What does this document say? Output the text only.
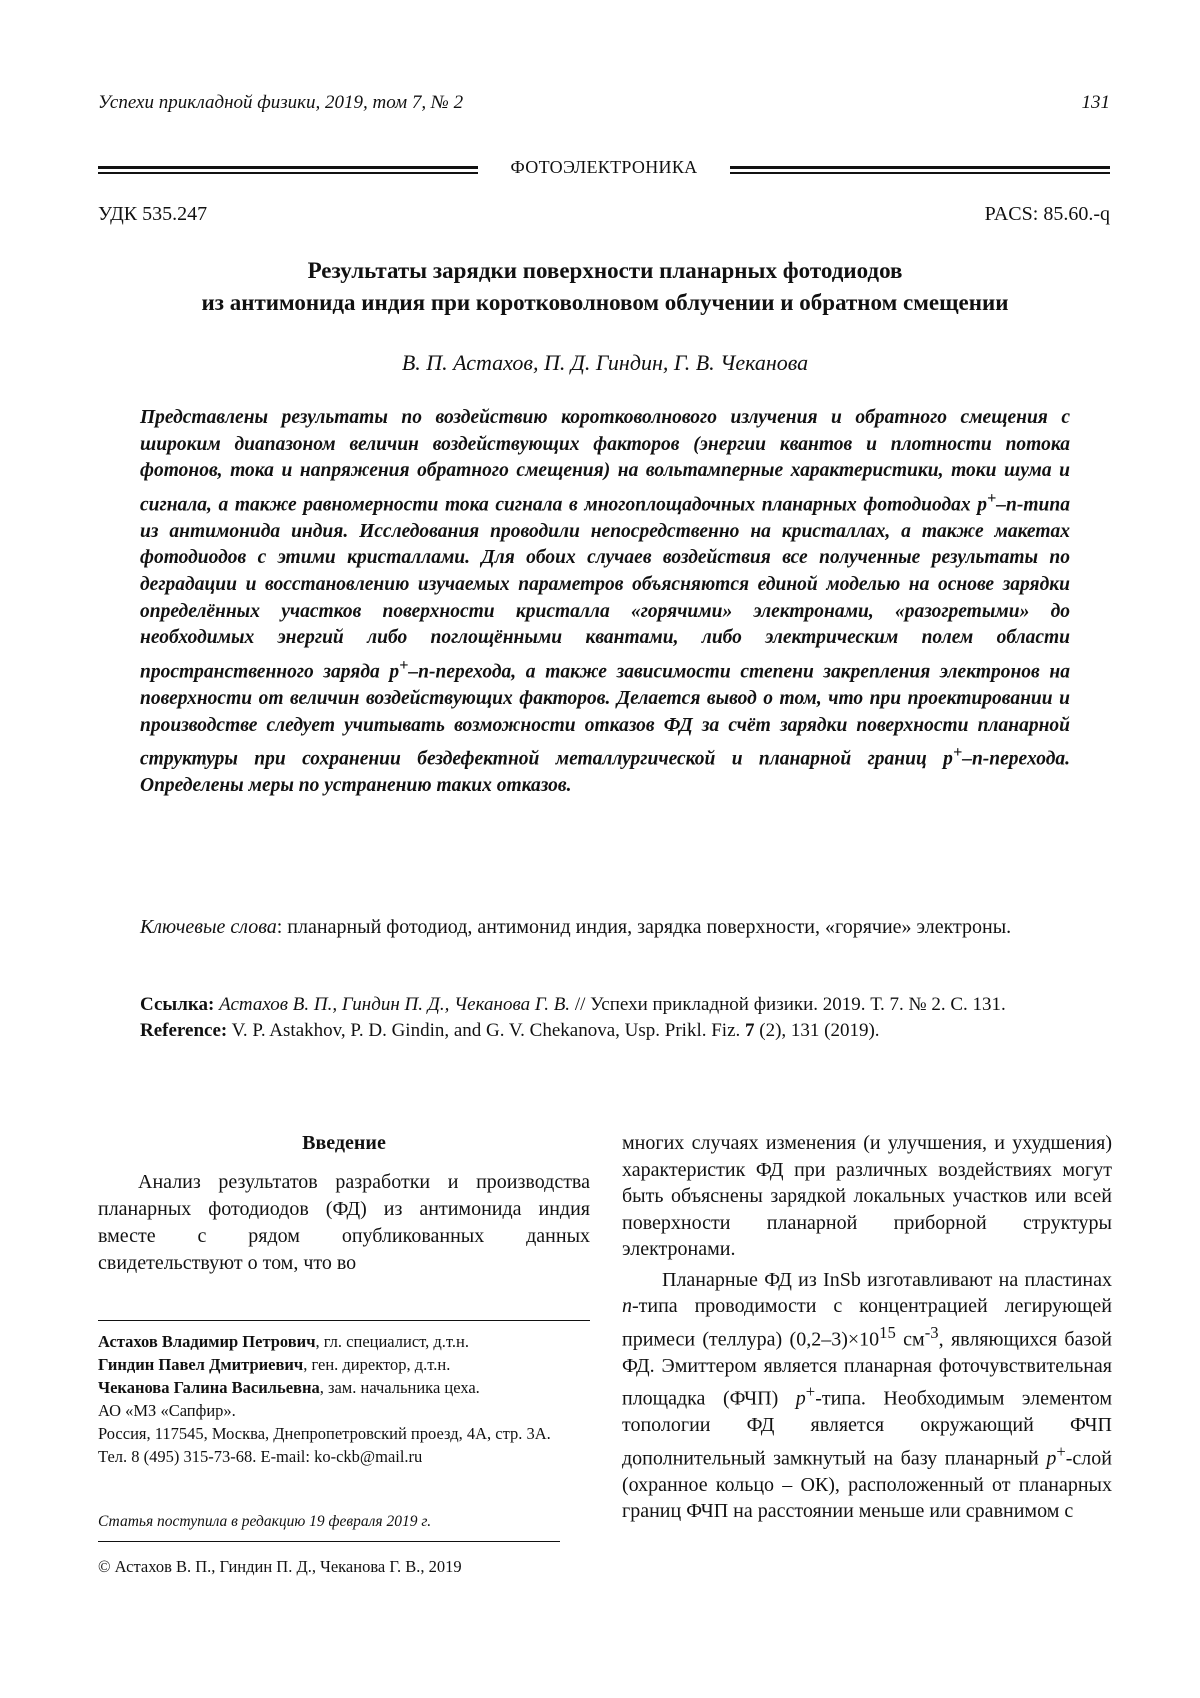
Успехи прикладной физики, 2019, том 7, № 2	131
ФОТОЭЛЕКТРОНИКА
УДК 535.247	PACS: 85.60.-q
Результаты зарядки поверхности планарных фотодиодов
из антимонида индия при коротковолновом облучении и обратном смещении
В. П. Астахов, П. Д. Гиндин, Г. В. Чеканова
Представлены результаты по воздействию коротковолнового излучения и обратного смещения с широким диапазоном величин воздействующих факторов (энергии квантов и плотности потока фотонов, тока и напряжения обратного смещения) на вольтамперные характеристики, токи шума и сигнала, а также равномерности тока сигнала в многоплощадочных планарных фотодиодах p+–n-типа из антимонида индия. Исследования проводили непосредственно на кристаллах, а также макетах фотодиодов с этими кристаллами. Для обоих случаев воздействия все полученные результаты по деградации и восстановлению изучаемых параметров объясняются единой моделью на основе зарядки определённых участков поверхности кристалла «горячими» электронами, «разогретыми» до необходимых энергий либо поглощёнными квантами, либо электрическим полем области пространственного заряда p+–n-перехода, а также зависимости степени закрепления электронов на поверхности от величин воздействующих факторов. Делается вывод о том, что при проектировании и производстве следует учитывать возможности отказов ФД за счёт зарядки поверхности планарной структуры при сохранении бездефектной металлургической и планарной границ p+–n-перехода. Определены меры по устранению таких отказов.
Ключевые слова: планарный фотодиод, антимонид индия, зарядка поверхности, «горячие» электроны.
Ссылка: Астахов В. П., Гиндин П. Д., Чеканова Г. В. // Успехи прикладной физики. 2019. Т. 7. № 2. С. 131.
Reference: V. P. Astakhov, P. D. Gindin, and G. V. Chekanova, Usp. Prikl. Fiz. 7 (2), 131 (2019).
Введение

Анализ результатов разработки и производства планарных фотодиодов (ФД) из антимонида индия вместе с рядом опубликованных данных свидетельствуют о том, что во

Астахов Владимир Петрович, гл. специалист, д.т.н.
Гиндин Павел Дмитриевич, ген. директор, д.т.н.
Чеканова Галина Васильевна, зам. начальника цеха.
АО «МЗ «Сапфир».
Россия, 117545, Москва, Днепропетровский проезд, 4А, стр. 3А.
Тел. 8 (495) 315-73-68. E-mail: ko-ckb@mail.ru
Статья поступила в редакцию 19 февраля 2019 г.
© Астахов В. П., Гиндин П. Д., Чеканова Г. В., 2019

многих случаях изменения (и улучшения, и ухудшения) характеристик ФД при различных воздействиях могут быть объяснены зарядкой локальных участков или всей поверхности планарной приборной структуры электронами.

Планарные ФД из InSb изготавливают на пластинах n-типа проводимости с концентрацией легирующей примеси (теллура) $(0,2-3)\times 10^{15}$ $см^{-3}$, являющихся базой ФД. Эмиттером является планарная фоточувствительная площадка (ФЧП) p+-типа. Необходимым элементом топологии ФД является окружающий ФЧП дополнительный замкнутый на базу планарный p+-слой (охранное кольцо – ОК), расположенный от планарных границ ФЧП на расстоянии меньше или сравнимом с
